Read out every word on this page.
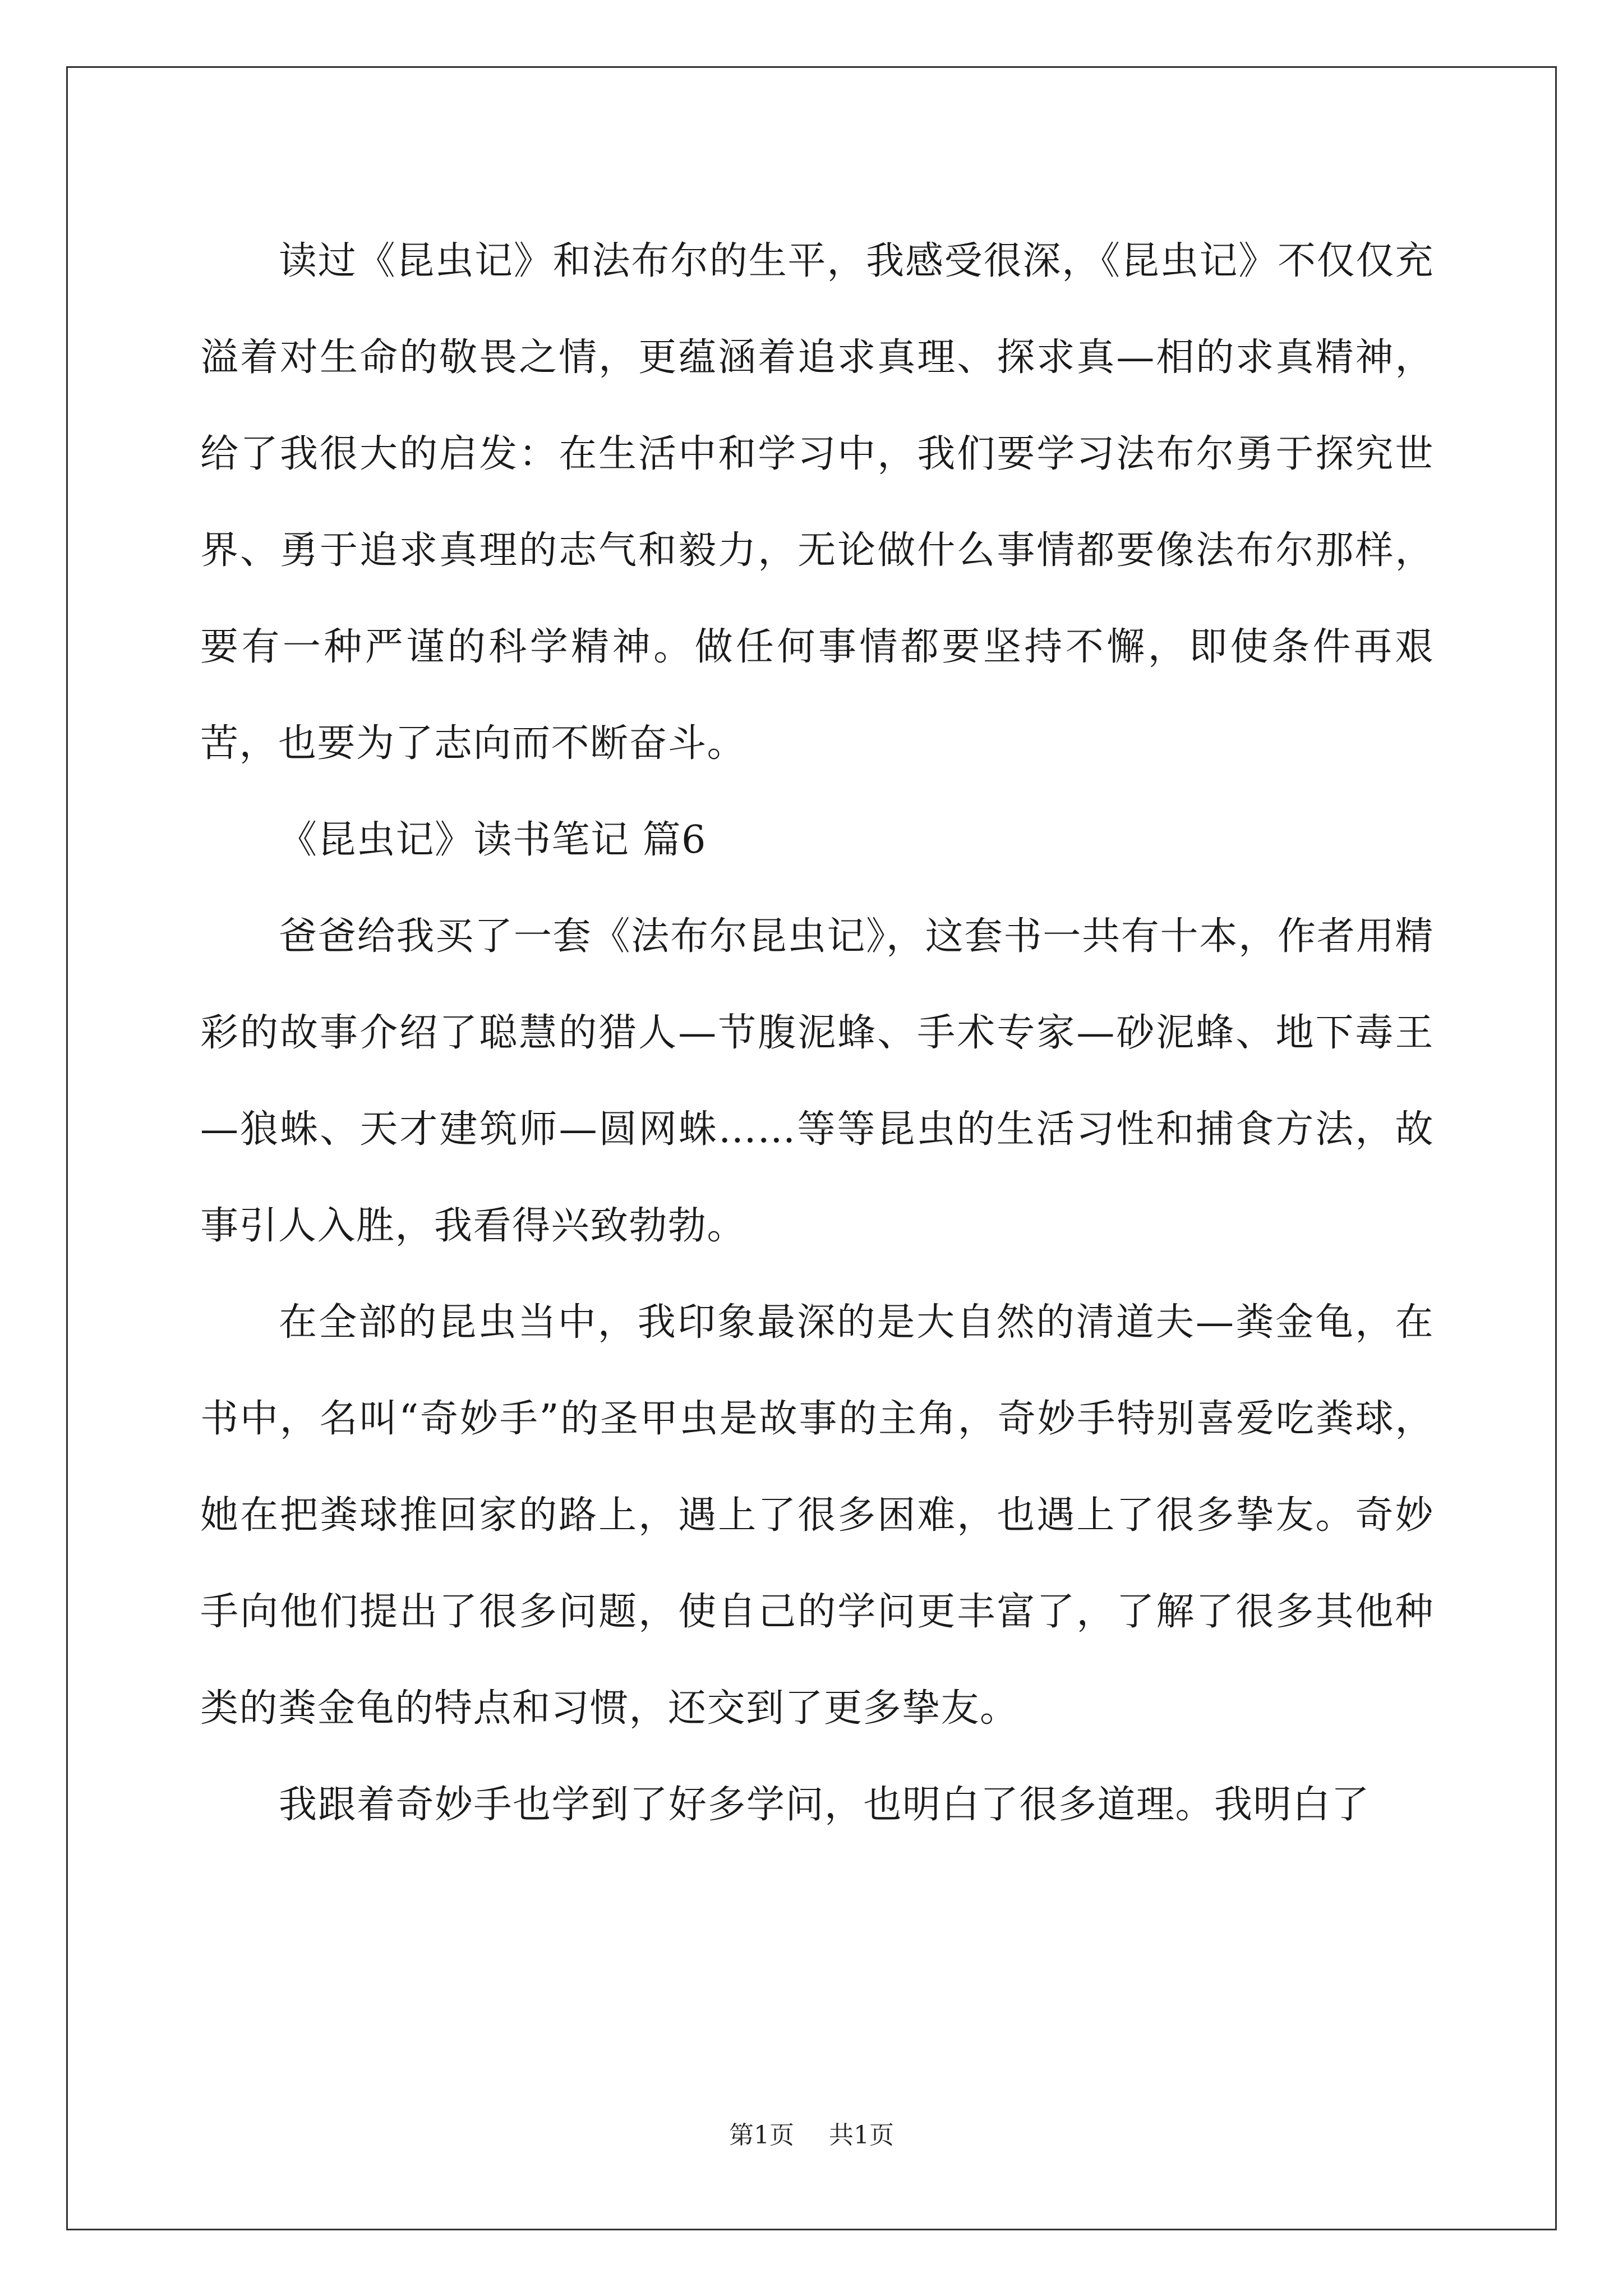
读过《昆虫记》和法布尔的生平，我感受很深，《昆虫记》不仅仅充溢着对生命的敬畏之情，更蕴涵着追求真理、探求真—相的求真精神，给了我很大的启发：在生活中和学习中，我们要学习法布尔勇于探究世界、勇于追求真理的志气和毅力，无论做什么事情都要像法布尔那样，要有一种严谨的科学精神。做任何事情都要坚持不懈，即使条件再艰苦，也要为了志向而不断奋斗。

《昆虫记》读书笔记 篇6

爸爸给我买了一套《法布尔昆虫记》，这套书一共有十本，作者用精彩的故事介绍了聪慧的猎人—节腹泥蜂、手术专家—砂泥蜂、地下毒王—狼蛛、天才建筑师—圆网蛛……等等昆虫的生活习性和捕食方法，故事引人入胜，我看得兴致勃勃。

在全部的昆虫当中，我印象最深的是大自然的清道夫—粪金龟，在书中，名叫“奇妙手”的圣甲虫是故事的主角，奇妙手特别喜爱吃粪球，她在把粪球推回家的路上，遇上了很多困难，也遇上了很多挚友。奇妙手向他们提出了很多问题，使自己的学问更丰富了，了解了很多其他种类的粪金龟的特点和习惯，还交到了更多挚友。

我跟着奇妙手也学到了好多学问，也明白了很多道理。我明白了

第1页 共1页
